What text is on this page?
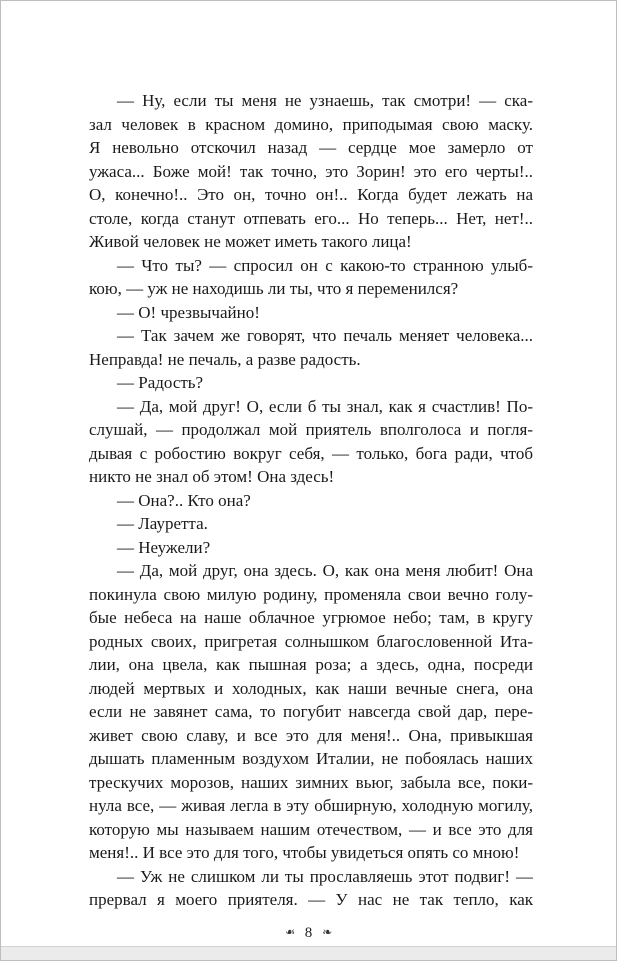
— Ну, если ты меня не узнаешь, так смотри! — ска-
зал человек в красном домино, приподымая свою маску.
Я невольно отскочил назад — сердце мое замерло от
ужаса... Боже мой! так точно, это Зорин! это его черты!..
О, конечно!.. Это он, точно он!.. Когда будет лежать на
столе, когда станут отпевать его... Но теперь... Нет, нет!..
Живой человек не может иметь такого лица!
— Что ты? — спросил он с какою-то странною улыб-
кою, — уж не находишь ли ты, что я переменился?
— О! чрезвычайно!
— Так зачем же говорят, что печаль меняет человека...
Неправда! не печаль, а разве радость.
— Радость?
— Да, мой друг! О, если б ты знал, как я счастлив! По-
слушай, — продолжал мой приятель вполголоса и погля-
дывая с робостию вокруг себя, — только, бога ради, чтоб
никто не знал об этом! Она здесь!
— Она?.. Кто она?
— Лауретта.
— Неужели?
— Да, мой друг, она здесь. О, как она меня любит! Она
покинула свою милую родину, променяла свои вечно голу-
бые небеса на наше облачное угрюмое небо; там, в кругу
родных своих, пригретая солнышком благословенной Ита-
лии, она цвела, как пышная роза; а здесь, одна, посреди
людей мертвых и холодных, как наши вечные снега, она
если не завянет сама, то погубит навсегда свой дар, пере-
живет свою славу, и все это для меня!.. Она, привыкшая
дышать пламенным воздухом Италии, не побоялась наших
трескучих морозов, наших зимних вьюг, забыла все, поки-
нула все, — живая легла в эту обширную, холодную могилу,
которую мы называем нашим отечеством, — и все это для
меня!.. И все это для того, чтобы увидеться опять со мною!
— Уж не слишком ли ты прославляешь этот подвиг! —
прервал я моего приятеля. — У нас не так тепло, как
❧ 8 ❧
